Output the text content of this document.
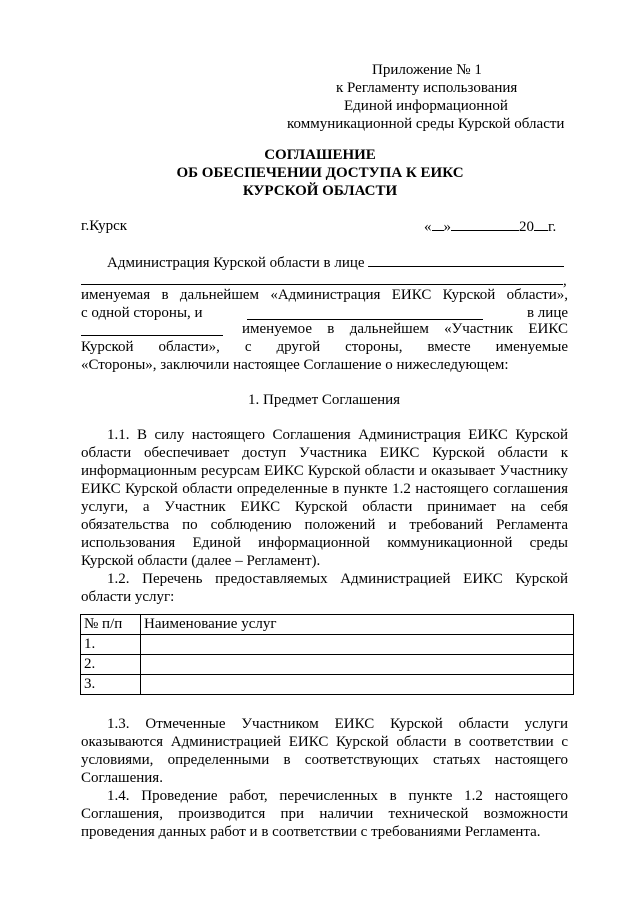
Приложение № 1
к Регламенту использования
Единой информационной
коммуникационной среды Курской области
СОГЛАШЕНИЕ
ОБ ОБЕСПЕЧЕНИИ ДОСТУПА К ЕИКС
КУРСКОЙ ОБЛАСТИ
г.Курск	« »	20 г.
Администрация Курской области в лице
,
именуемая в дальнейшем «Администрация ЕИКС Курской области»,
с одной стороны, и	в лице
именуемое в дальнейшем «Участник ЕИКС
Курской области», с другой стороны, вместе именуемые
«Стороны», заключили настоящее Соглашение о нижеследующем:
1. Предмет Соглашения
1.1. В силу настоящего Соглашения Администрация ЕИКС Курской
области обеспечивает доступ Участника ЕИКС Курской области к
информационным ресурсам ЕИКС Курской области и оказывает Участнику
ЕИКС Курской области определенные в пункте 1.2 настоящего соглашения
услуги, а Участник ЕИКС Курской области принимает на себя
обязательства по соблюдению положений и требований Регламента
использования Единой информационной коммуникационной среды
Курской области (далее – Регламент).
1.2. Перечень предоставляемых Администрацией ЕИКС Курской
области услуг:
№ п/п	Наименование услуг
1.	
2.	
3.	
1.3. Отмеченные Участником ЕИКС Курской области услуги
оказываются Администрацией ЕИКС Курской области в соответствии с
условиями, определенными в соответствующих статьях настоящего
Соглашения.
1.4. Проведение работ, перечисленных в пункте 1.2 настоящего
Соглашения, производится при наличии технической возможности
проведения данных работ и в соответствии с требованиями Регламента.
